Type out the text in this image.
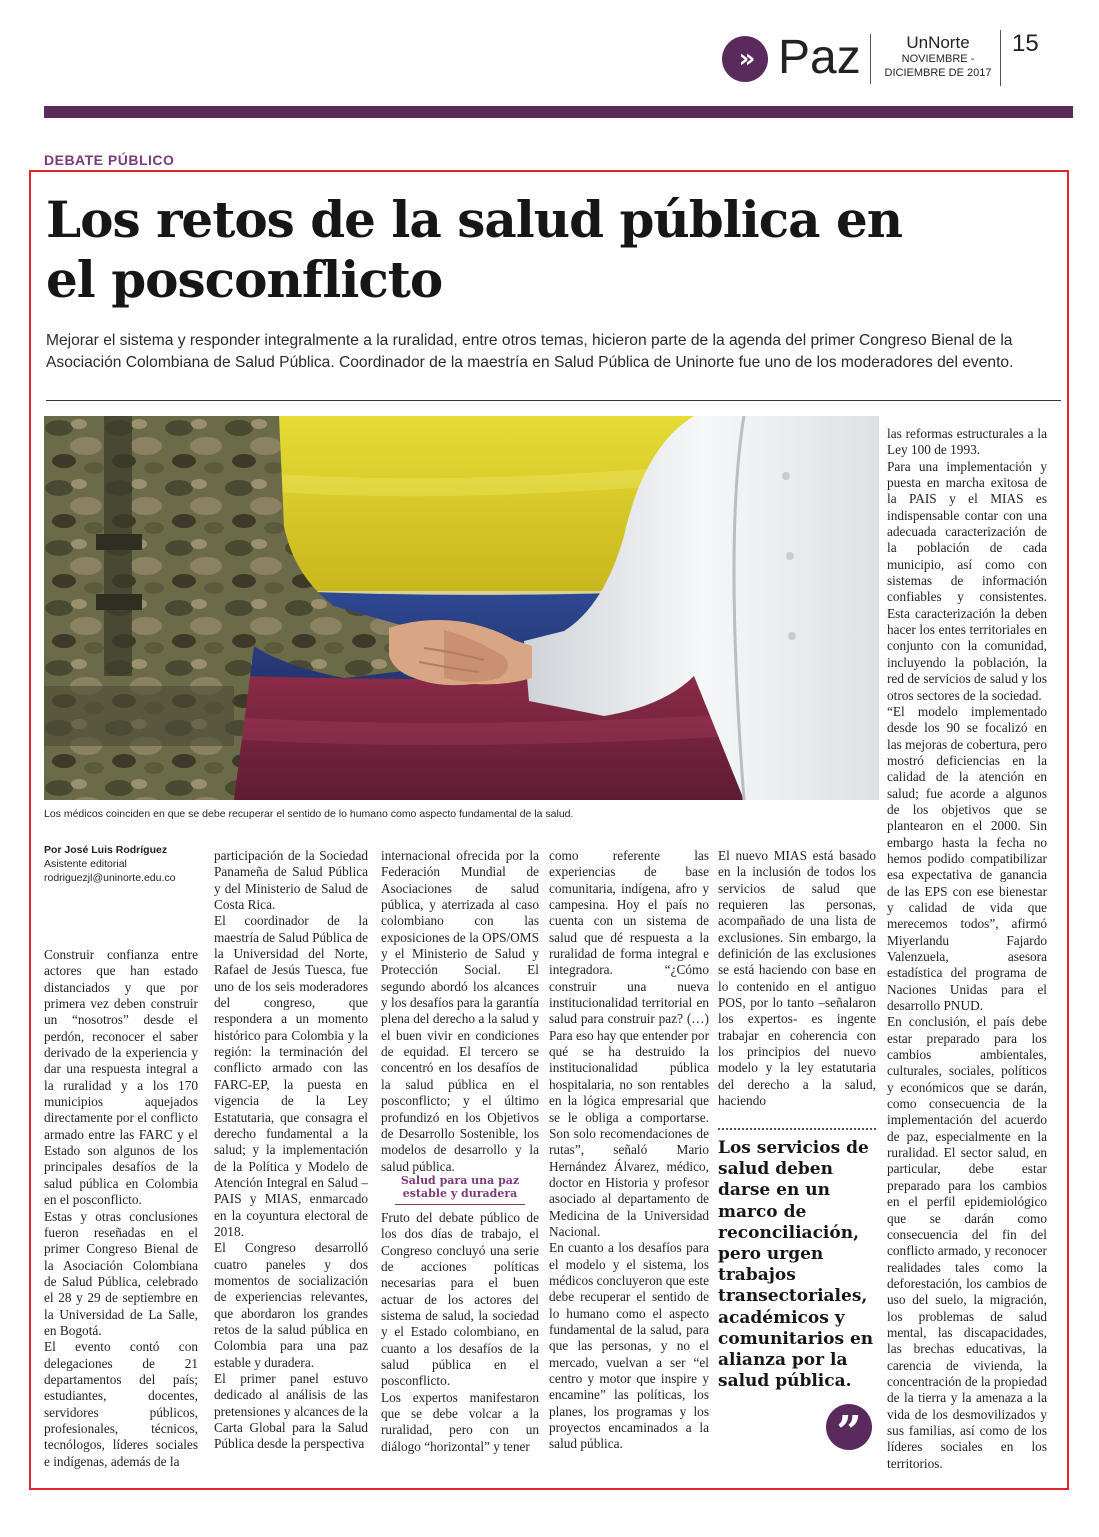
» Paz	UnNorte
NOVIEMBRE -
DICIEMBRE DE 2017
15
DEBATE PÚBLICO
Los retos de la salud pública en el posconflicto

Mejorar el sistema y responder integralmente a la ruralidad, entre otros temas, hicieron parte de la agenda del primer Congreso Bienal de la Asociación Colombiana de Salud Pública. Coordinador de la maestría en Salud Pública de Uninorte fue uno de los moderadores del evento.

Los médicos coinciden en que se debe recuperar el sentido de lo humano como aspecto fundamental de la salud.
Por José Luis Rodríguez
Asistente editorial
rodriguezjl@uninorte.edu.co
Construir confianza entre actores que han estado distanciados y que por primera vez deben construir un “nosotros” desde el perdón, reconocer el saber derivado de la experiencia y dar una respuesta integral a la ruralidad y a los 170 municipios aquejados directamente por el conflicto armado entre las FARC y el Estado son algunos de los principales desafíos de la salud pública en Colombia en el posconflicto.
Estas y otras conclusiones fueron reseñadas en el primer Congreso Bienal de la Asociación Colombiana de Salud Pública, celebrado el 28 y 29 de septiembre en la Universidad de La Salle, en Bogotá.
El evento contó con delegaciones de 21 departamentos del país; estudiantes, docentes, servidores públicos, profesionales, técnicos, tecnólogos, líderes sociales e indígenas, además de la
participación de la Sociedad Panameña de Salud Pública y del Ministerio de Salud de Costa Rica.
El coordinador de la maestría de Salud Pública de la Universidad del Norte, Rafael de Jesús Tuesca, fue uno de los seis moderadores del congreso, que respondera a un momento histórico para Colombia y la región: la terminación del conflicto armado con las FARC-EP, la puesta en vigencia de la Ley Estatutaria, que consagra el derecho fundamental a la salud; y la implementación de la Política y Modelo de Atención Integral en Salud – PAIS y MIAS, enmarcado en la coyuntura electoral de 2018.
El Congreso desarrolló cuatro paneles y dos momentos de socialización de experiencias relevantes, que abordaron los grandes retos de la salud pública en Colombia para una paz estable y duradera.
El primer panel estuvo dedicado al análisis de las pretensiones y alcances de la Carta Global para la Salud Pública desde la perspectiva
internacional ofrecida por la Federación Mundial de Asociaciones de salud pública, y aterrizada al caso colombiano con las exposiciones de la OPS/OMS y el Ministerio de Salud y Protección Social. El segundo abordó los alcances y los desafíos para la garantía plena del derecho a la salud y el buen vivir en condiciones de equidad. El tercero se concentró en los desafíos de la salud pública en el posconflicto; y el último profundizó en los Objetivos de Desarrollo Sostenible, los modelos de desarrollo y la salud pública.
Salud para una paz estable y duradera
Fruto del debate público de los dos días de trabajo, el Congreso concluyó una serie de acciones políticas necesarias para el buen actuar de los actores del sistema de salud, la sociedad y el Estado colombiano, en cuanto a los desafíos de la salud pública en el posconflicto.
Los expertos manifestaron que se debe volcar a la ruralidad, pero con un diálogo “horizontal” y tener
como referente las experiencias de base comunitaria, indígena, afro y campesina. Hoy el país no cuenta con un sistema de salud que dé respuesta a la ruralidad de forma integral e integradora. “¿Cómo construir una nueva institucionalidad territorial en salud para construir paz? (…) Para eso hay que entender por qué se ha destruido la institucionalidad pública hospitalaria, no son rentables en la lógica empresarial que se le obliga a comportarse. Son solo recomendaciones de rutas”, señaló Mario Hernández Álvarez, médico, doctor en Historia y profesor asociado al departamento de Medicina de la Universidad Nacional.
En cuanto a los desafíos para el modelo y el sistema, los médicos concluyeron que este debe recuperar el sentido de lo humano como el aspecto fundamental de la salud, para que las personas, y no el mercado, vuelvan a ser “el centro y motor que inspire y encamine” las políticas, los planes, los programas y los proyectos encaminados a la salud pública.
El nuevo MIAS está basado en la inclusión de todos los servicios de salud que requieren las personas, acompañado de una lista de exclusiones. Sin embargo, la definición de las exclusiones se está haciendo con base en lo contenido en el antiguo POS, por lo tanto –señalaron los expertos- es ingente trabajar en coherencia con los principios del nuevo modelo y la ley estatutaria del derecho a la salud, haciendo
Los servicios de salud deben darse en un marco de reconciliación, pero urgen trabajos transectoriales, académicos y comunitarios en alianza por la salud pública.
”
las reformas estructurales a la Ley 100 de 1993.
Para una implementación y puesta en marcha exitosa de la PAIS y el MIAS es indispensable contar con una adecuada caracterización de la población de cada municipio, así como con sistemas de información confiables y consistentes. Esta caracterización la deben hacer los entes territoriales en conjunto con la comunidad, incluyendo la población, la red de servicios de salud y los otros sectores de la sociedad.
“El modelo implementado desde los 90 se focalizó en las mejoras de cobertura, pero mostró deficiencias en la calidad de la atención en salud; fue acorde a algunos de los objetivos que se plantearon en el 2000. Sin embargo hasta la fecha no hemos podido compatibilizar esa expectativa de ganancia de las EPS con ese bienestar y calidad de vida que merecemos todos”, afirmó Miyerlandu Fajardo Valenzuela, asesora estadística del programa de Naciones Unidas para el desarrollo PNUD.
En conclusión, el país debe estar preparado para los cambios ambientales, culturales, sociales, políticos y económicos que se darán, como consecuencia de la implementación del acuerdo de paz, especialmente en la ruralidad. El sector salud, en particular, debe estar preparado para los cambios en el perfil epidemiológico que se darán como consecuencia del fin del conflicto armado, y reconocer realidades tales como la deforestación, los cambios de uso del suelo, la migración, los problemas de salud mental, las discapacidades, las brechas educativas, la carencia de vivienda, la concentración de la propiedad de la tierra y la amenaza a la vida de los desmovilizados y sus familias, así como de los líderes sociales en los territorios.
